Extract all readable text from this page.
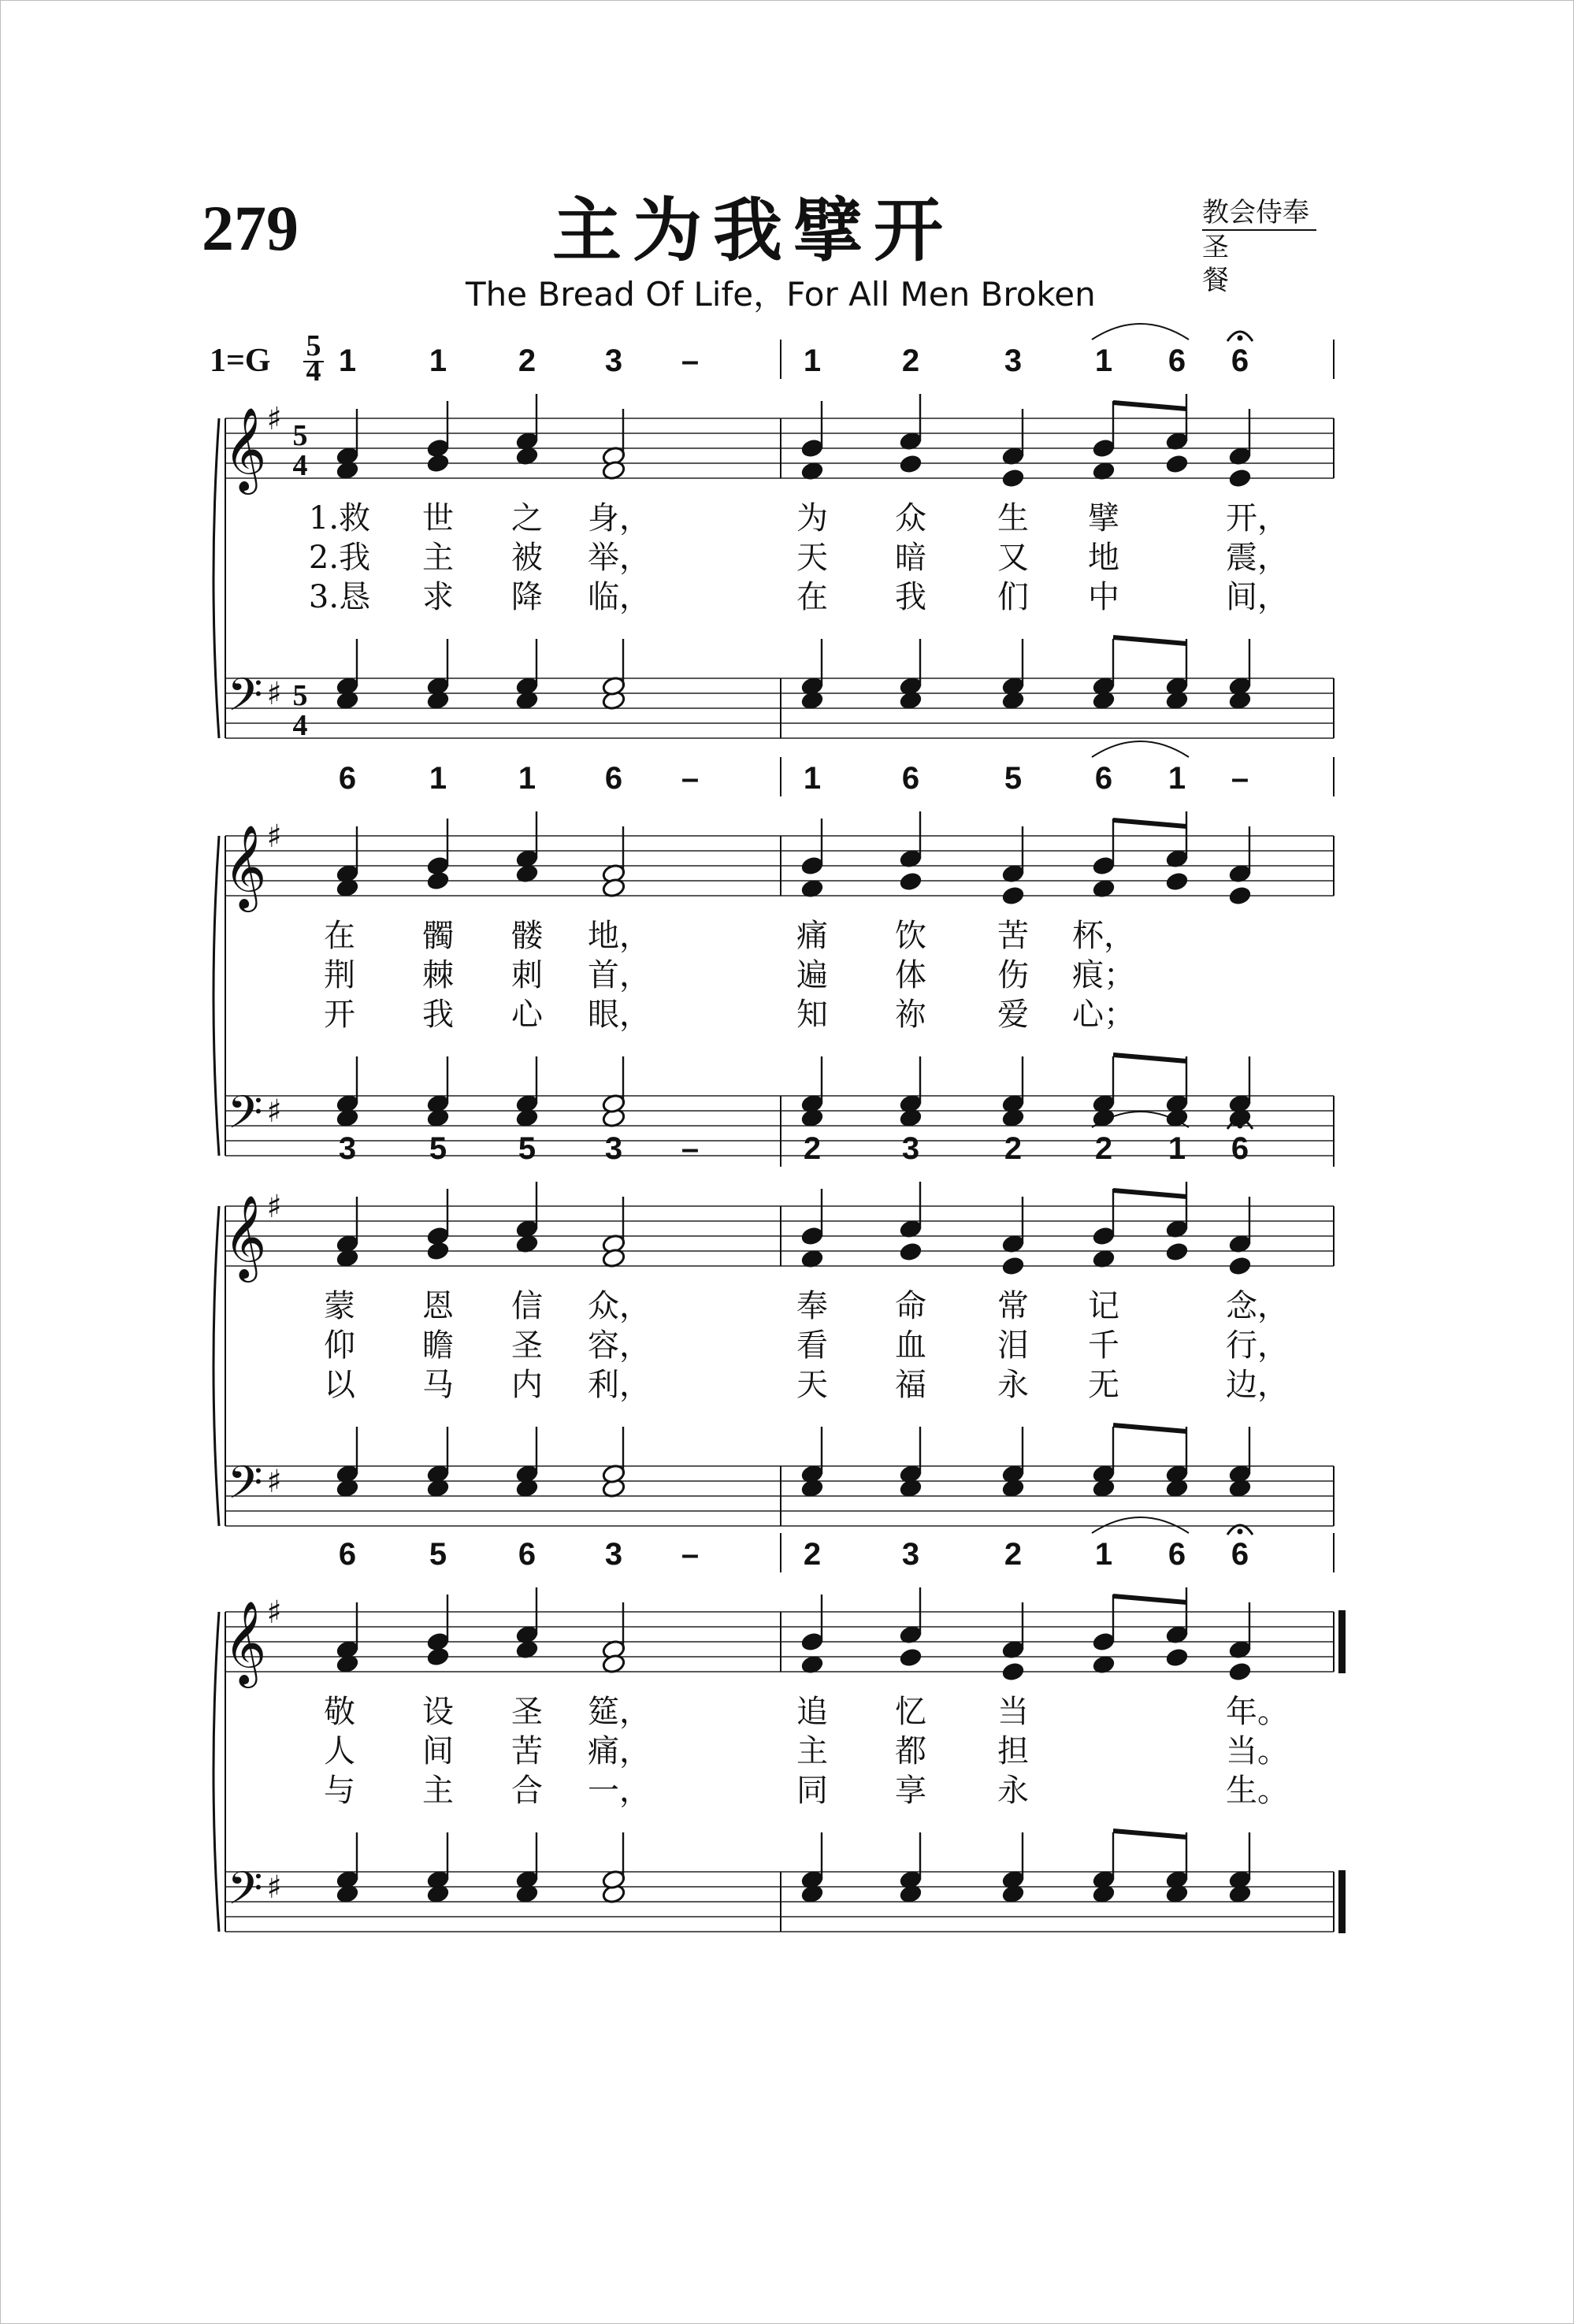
279	主为我擘开
The Bread Of Life，For All Men Broken
教会侍奉
圣餐
1=G 5
4 1 1 2 3 –	1	2	3 1 6 6
𝄞
𝄢
♯
♯
5
4
5
4
1.救 世 之 身，	为 众 生 擘	开，
2.我 主 被 举，	天 暗 又 地	震，
3.恳 求 降 临，	在 我 们 中	间，
6 1 1 6 –	1	6	5 6 1 –
𝄞
𝄢
♯
♯
在 髑 髅 地，	痛 饮 苦 杯，
荆 棘 刺 首，	遍 体 伤 痕；
开 我 心 眼，	知 祢 爱 心；
3 5 5 3 –	2	3	2 2 1 6
𝄞
𝄢
♯
♯
蒙 恩 信 众，	奉 命 常 记	念，
仰 瞻 圣 容，	看 血 泪 千	行，
以 马 内 利，	天 福 永 无	边，
6 5 6 3 –	2	3	2 1 6 6
𝄞
𝄢
♯
♯
敬 设 圣 筵，	追 忆 当	年。
人 间 苦 痛，	主 都 担	当。
与 主 合 一，	同 享 永	生。
